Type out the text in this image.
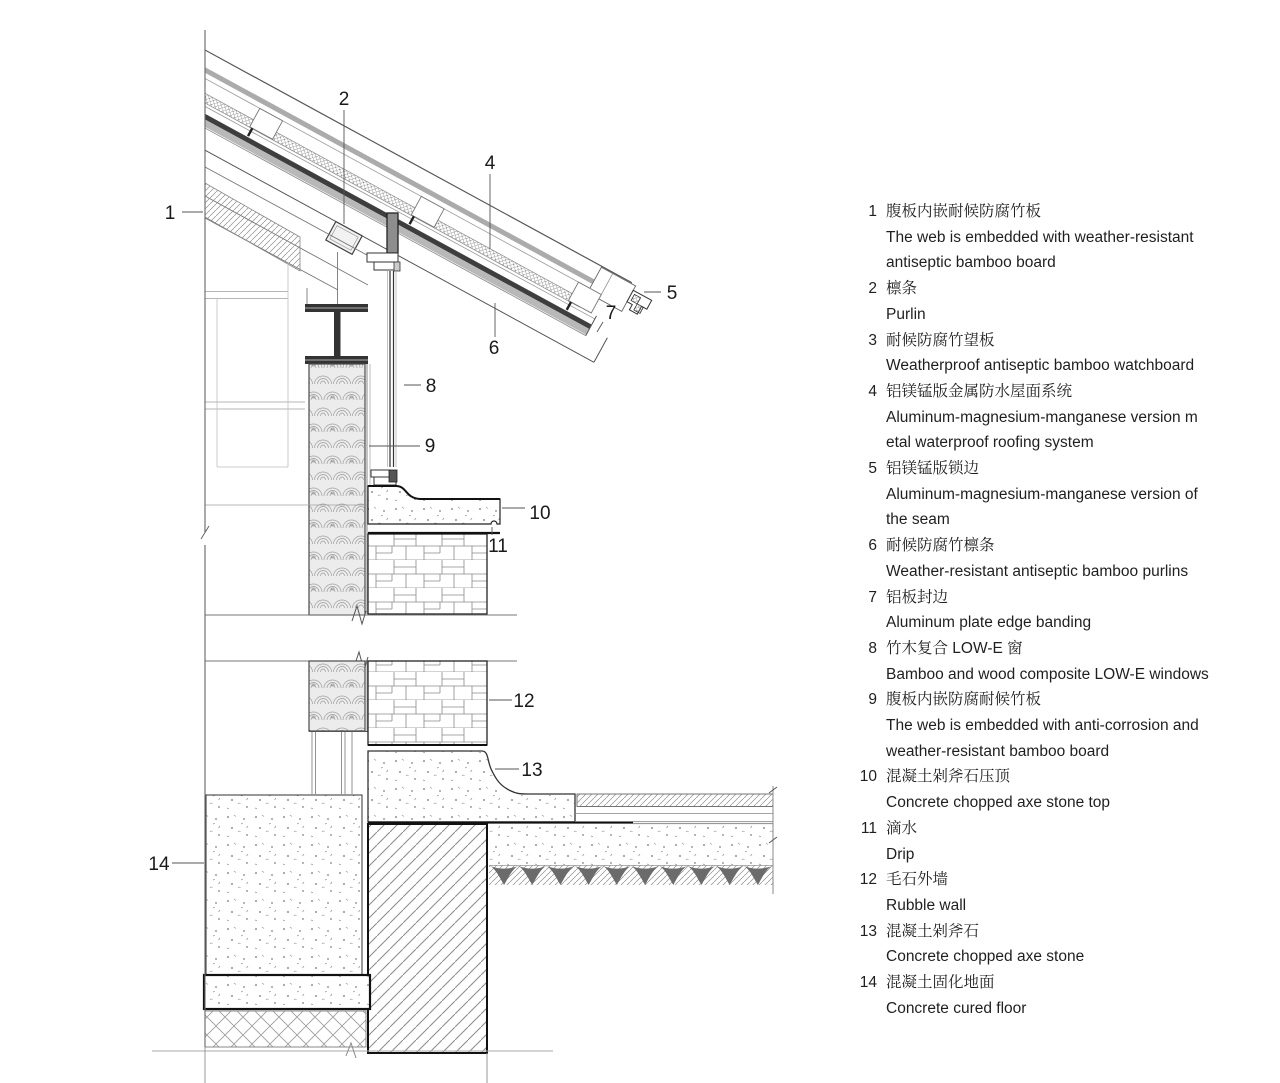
1
2
4
5
6
7
8
9
10
11
12
13
14
1 腹板内嵌耐候防腐竹板
The web is embedded with weather-resistant
antiseptic bamboo board
2 檩条
Purlin
3 耐候防腐竹望板
Weatherproof antiseptic bamboo watchboard
4 铝镁锰版金属防水屋面系统
Aluminum-magnesium-manganese version m
etal waterproof roofing system
5 铝镁锰版锁边
Aluminum-magnesium-manganese version of
the seam
6 耐候防腐竹檩条
Weather-resistant antiseptic bamboo purlins
7 铝板封边
Aluminum plate edge banding
8 竹木复合 LOW-E 窗
Bamboo and wood composite LOW-E windows
9 腹板内嵌防腐耐候竹板
The web is embedded with anti-corrosion and
weather-resistant bamboo board
10 混凝土剁斧石压顶
Concrete chopped axe stone top
11 滴水
Drip
12 毛石外墙
Rubble wall
13 混凝土剁斧石
Concrete chopped axe stone
14 混凝土固化地面
Concrete cured floor
